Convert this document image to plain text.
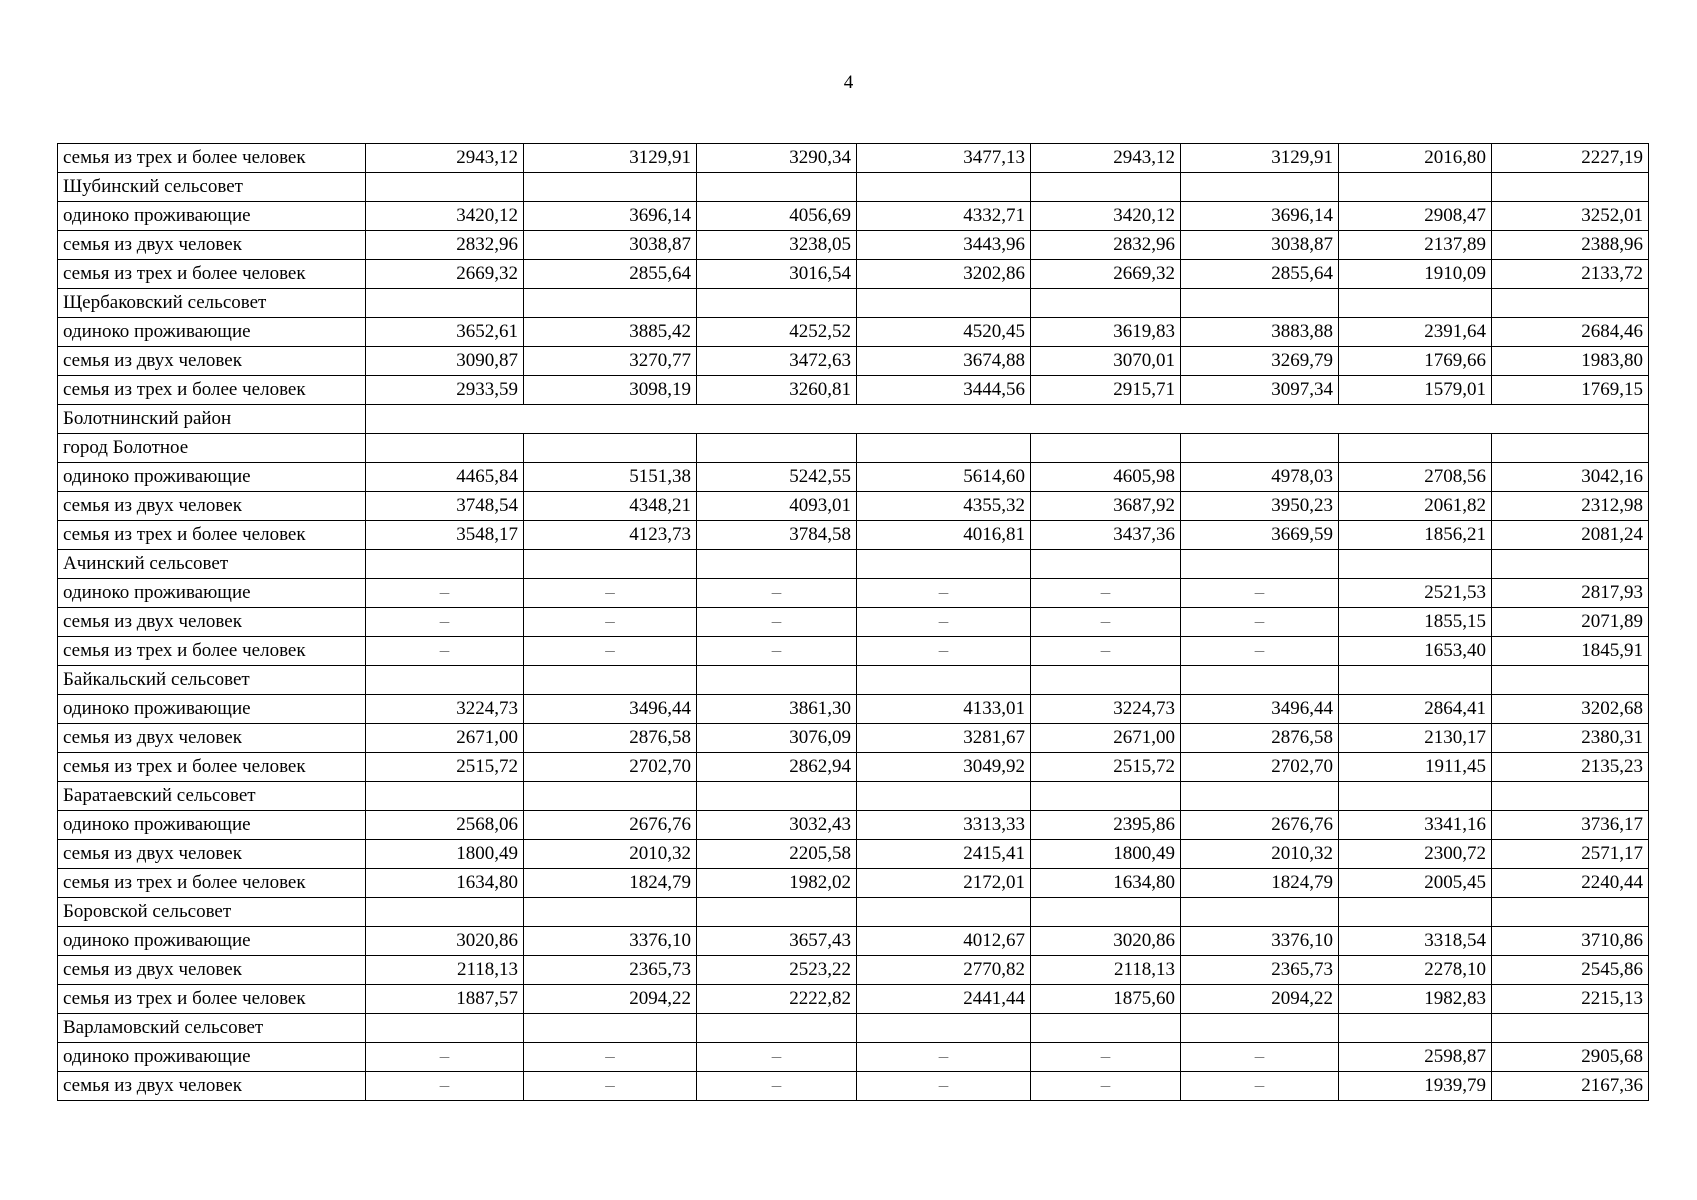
4
семья из трех и более человек	2943,12	3129,91	3290,34	3477,13	2943,12	3129,91	2016,80	2227,19
Шубинский сельсовет								
одиноко проживающие	3420,12	3696,14	4056,69	4332,71	3420,12	3696,14	2908,47	3252,01
семья из двух человек	2832,96	3038,87	3238,05	3443,96	2832,96	3038,87	2137,89	2388,96
семья из трех и более человек	2669,32	2855,64	3016,54	3202,86	2669,32	2855,64	1910,09	2133,72
Щербаковский сельсовет								
одиноко проживающие	3652,61	3885,42	4252,52	4520,45	3619,83	3883,88	2391,64	2684,46
семья из двух человек	3090,87	3270,77	3472,63	3674,88	3070,01	3269,79	1769,66	1983,80
семья из трех и более человек	2933,59	3098,19	3260,81	3444,56	2915,71	3097,34	1579,01	1769,15
Болотнинский район								
город Болотное								
одиноко проживающие	4465,84	5151,38	5242,55	5614,60	4605,98	4978,03	2708,56	3042,16
семья из двух человек	3748,54	4348,21	4093,01	4355,32	3687,92	3950,23	2061,82	2312,98
семья из трех и более человек	3548,17	4123,73	3784,58	4016,81	3437,36	3669,59	1856,21	2081,24
Ачинский сельсовет								
одиноко проживающие	–	–	–	–	–	–	2521,53	2817,93
семья из двух человек	–	–	–	–	–	–	1855,15	2071,89
семья из трех и более человек	–	–	–	–	–	–	1653,40	1845,91
Байкальский сельсовет								
одиноко проживающие	3224,73	3496,44	3861,30	4133,01	3224,73	3496,44	2864,41	3202,68
семья из двух человек	2671,00	2876,58	3076,09	3281,67	2671,00	2876,58	2130,17	2380,31
семья из трех и более человек	2515,72	2702,70	2862,94	3049,92	2515,72	2702,70	1911,45	2135,23
Баратаевский сельсовет								
одиноко проживающие	2568,06	2676,76	3032,43	3313,33	2395,86	2676,76	3341,16	3736,17
семья из двух человек	1800,49	2010,32	2205,58	2415,41	1800,49	2010,32	2300,72	2571,17
семья из трех и более человек	1634,80	1824,79	1982,02	2172,01	1634,80	1824,79	2005,45	2240,44
Боровской сельсовет								
одиноко проживающие	3020,86	3376,10	3657,43	4012,67	3020,86	3376,10	3318,54	3710,86
семья из двух человек	2118,13	2365,73	2523,22	2770,82	2118,13	2365,73	2278,10	2545,86
семья из трех и более человек	1887,57	2094,22	2222,82	2441,44	1875,60	2094,22	1982,83	2215,13
Варламовский сельсовет								
одиноко проживающие	–	–	–	–	–	–	2598,87	2905,68
семья из двух человек	–	–	–	–	–	–	1939,79	2167,36
